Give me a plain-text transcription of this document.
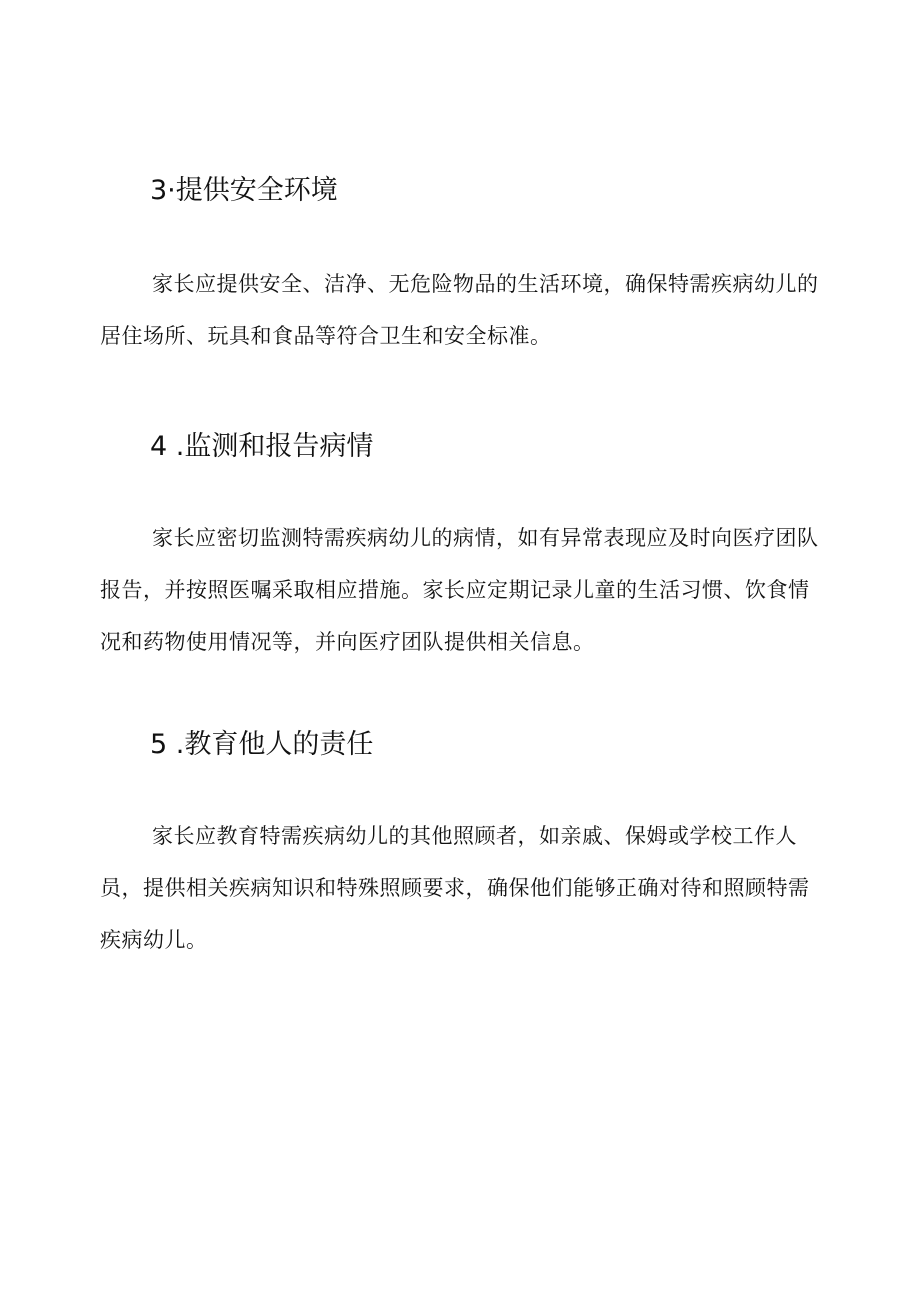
3·提供安全环境

家长应提供安全、洁净、无危险物品的生活环境，确保特需疾病幼儿的居住场所、玩具和食品等符合卫生和安全标准。

4 .监测和报告病情

家长应密切监测特需疾病幼儿的病情，如有异常表现应及时向医疗团队报告，并按照医嘱采取相应措施。家长应定期记录儿童的生活习惯、饮食情况和药物使用情况等，并向医疗团队提供相关信息。

5 .教育他人的责任

家长应教育特需疾病幼儿的其他照顾者，如亲戚、保姆或学校工作人员，提供相关疾病知识和特殊照顾要求，确保他们能够正确对待和照顾特需疾病幼儿。
